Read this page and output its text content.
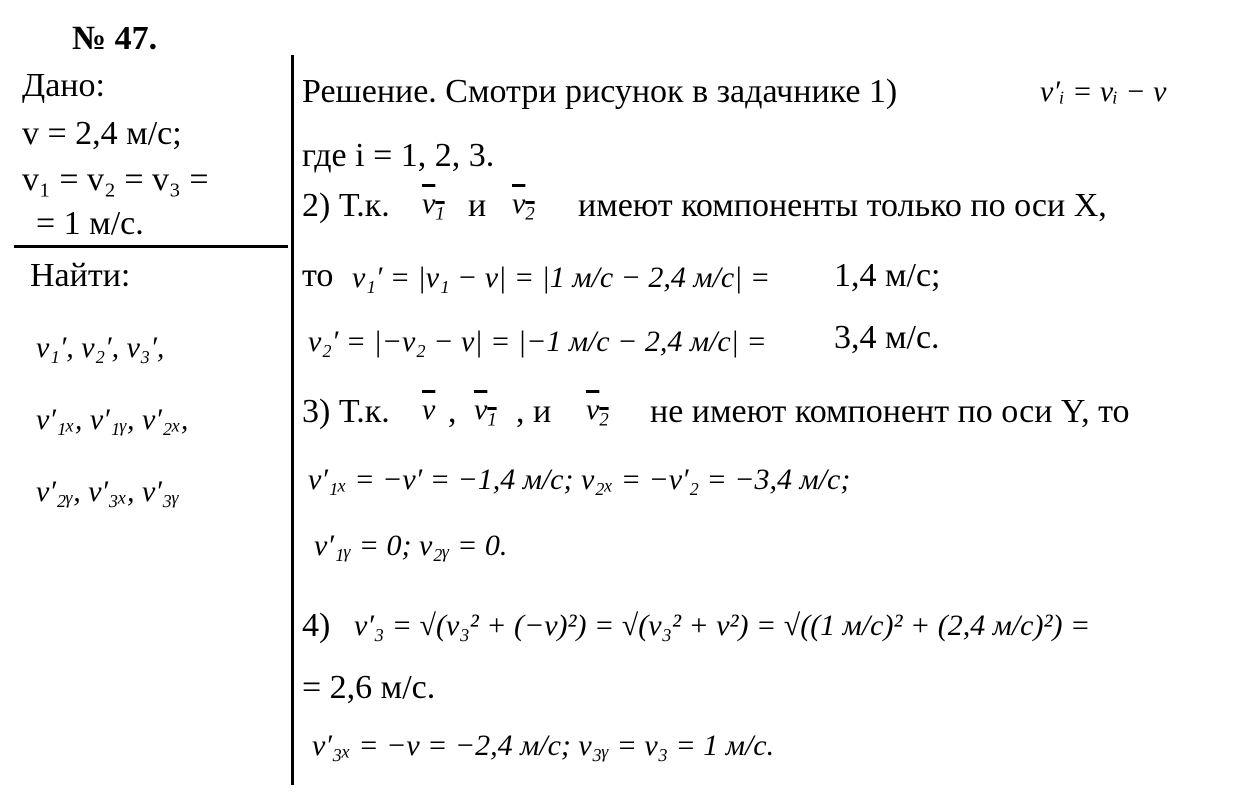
№ 47.
Дано:
v = 2,4 м/с;
v₁ = v₂ = v₃ =
= 1 м/с.
Найти:
v₁′, v₂′, v₃′,
v′₁ₓ, v′₁ᵧ, v′₂ₓ,
v′₂ᵧ, v′₃ₓ, v′₃ᵧ
Решение. Смотри рисунок в задачнике 1)	v′ᵢ = vᵢ − v
где i = 1, 2, 3.
2) Т.к. $v_1$ и $v_2$ имеют компоненты только по оси X,
то v₁′ = |v₁ − v| = |1 м/с − 2,4 м/с| = 1,4 м/с;
v₂′ = |−v₂ − v| = |−1 м/с − 2,4 м/с| = 3,4 м/с.
3) Т.к. $\overline{v}$ , $v_1$ , и $v_2$ не имеют компонент по оси Y, то
v′₁ₓ = −v′ = −1,4 м/с; v₂ₓ = −v′₂ = −3,4 м/с;
v′₁ᵧ = 0; v₂ᵧ = 0.
4) v′₃ = √(v₃² + (−v)²) = √(v₃² + v²) = √((1 м/с)² + (2,4 м/с)²) =
= 2,6 м/с.
v′₃ₓ = −v = −2,4 м/с; v₃ᵧ = v₃ = 1 м/с.
